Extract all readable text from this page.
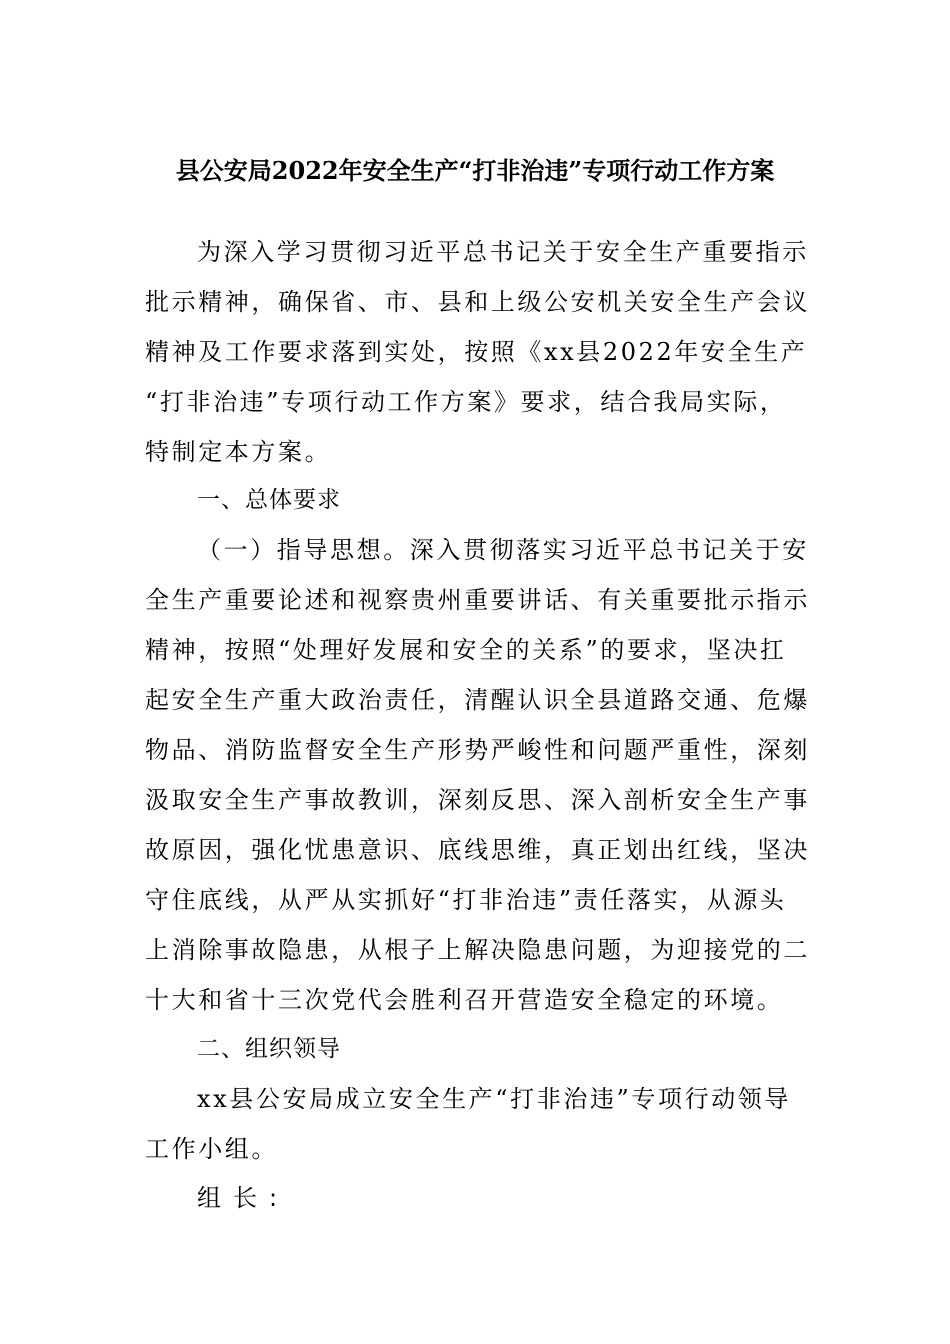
县公安局2022年安全生产“打非治违”专项行动工作方案
为深入学习贯彻习近平总书记关于安全生产重要指示
批示精神，确保省、市、县和上级公安机关安全生产会议
精神及工作要求落到实处，按照《xx县2022年安全生产
“打非治违”专项行动工作方案》要求，结合我局实际，
特制定本方案。
一、总体要求
（一）指导思想。深入贯彻落实习近平总书记关于安
全生产重要论述和视察贵州重要讲话、有关重要批示指示
精神，按照“处理好发展和安全的关系”的要求，坚决扛
起安全生产重大政治责任，清醒认识全县道路交通、危爆
物品、消防监督安全生产形势严峻性和问题严重性，深刻
汲取安全生产事故教训，深刻反思、深入剖析安全生产事
故原因，强化忧患意识、底线思维，真正划出红线，坚决
守住底线，从严从实抓好“打非治违”责任落实，从源头
上消除事故隐患，从根子上解决隐患问题，为迎接党的二
十大和省十三次党代会胜利召开营造安全稳定的环境。
二、组织领导
xx县公安局成立安全生产“打非治违”专项行动领导
工作小组。
组长:
